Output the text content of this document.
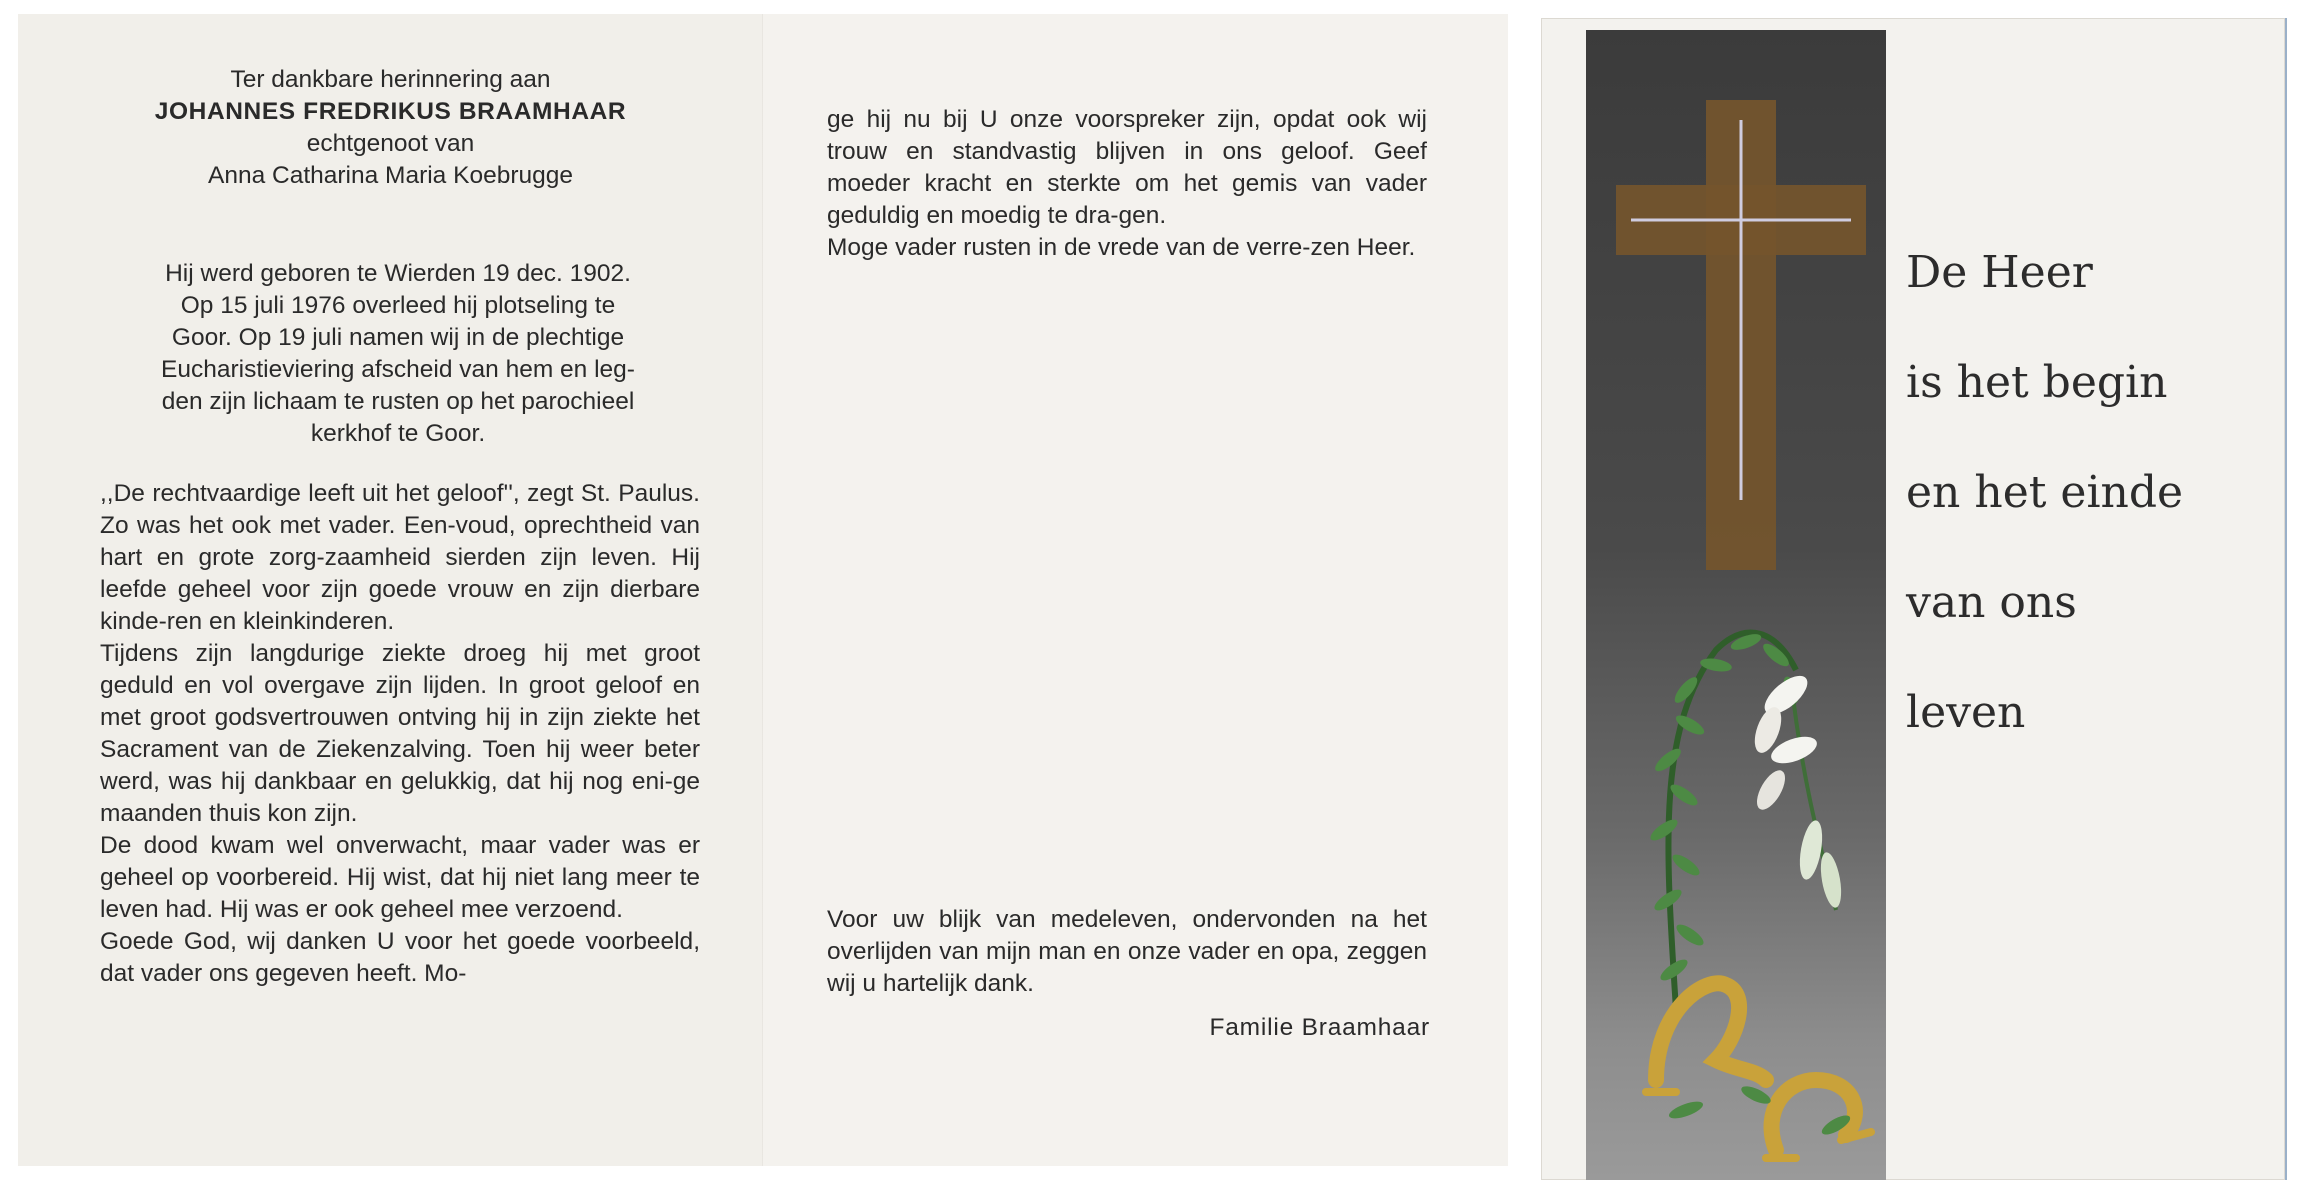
Ter dankbare herinnering aan
JOHANNES FREDRIKUS BRAAMHAAR
echtgenoot van
Anna Catharina Maria Koebrugge
Hij werd geboren te Wierden 19 dec. 1902.
Op 15 juli 1976 overleed hij plotseling te
Goor. Op 19 juli namen wij in de plechtige
Eucharistieviering afscheid van hem en leg-
den zijn lichaam te rusten op het parochieel
kerkhof te Goor.

,,De rechtvaardige leeft uit het geloof'', zegt St. Paulus. Zo was het ook met vader. Een-voud, oprechtheid van hart en grote zorg-zaamheid sierden zijn leven. Hij leefde geheel voor zijn goede vrouw en zijn dierbare kinde-ren en kleinkinderen.

Tijdens zijn langdurige ziekte droeg hij met groot geduld en vol overgave zijn lijden. In groot geloof en met groot godsvertrouwen ontving hij in zijn ziekte het Sacrament van de Ziekenzalving. Toen hij weer beter werd, was hij dankbaar en gelukkig, dat hij nog eni-ge maanden thuis kon zijn.

De dood kwam wel onverwacht, maar vader was er geheel op voorbereid. Hij wist, dat hij niet lang meer te leven had. Hij was er ook geheel mee verzoend.

Goede God, wij danken U voor het goede voorbeeld, dat vader ons gegeven heeft. Mo-

ge hij nu bij U onze voorspreker zijn, opdat ook wij trouw en standvastig blijven in ons geloof. Geef moeder kracht en sterkte om het gemis van vader geduldig en moedig te dra-gen.

Moge vader rusten in de vrede van de verre-zen Heer.

Voor uw blijk van medeleven, ondervonden na het overlijden van mijn man en onze vader en opa, zeggen wij u hartelijk dank.

Familie Braamhaar
De Heer
is het begin
en het einde
van ons
leven
